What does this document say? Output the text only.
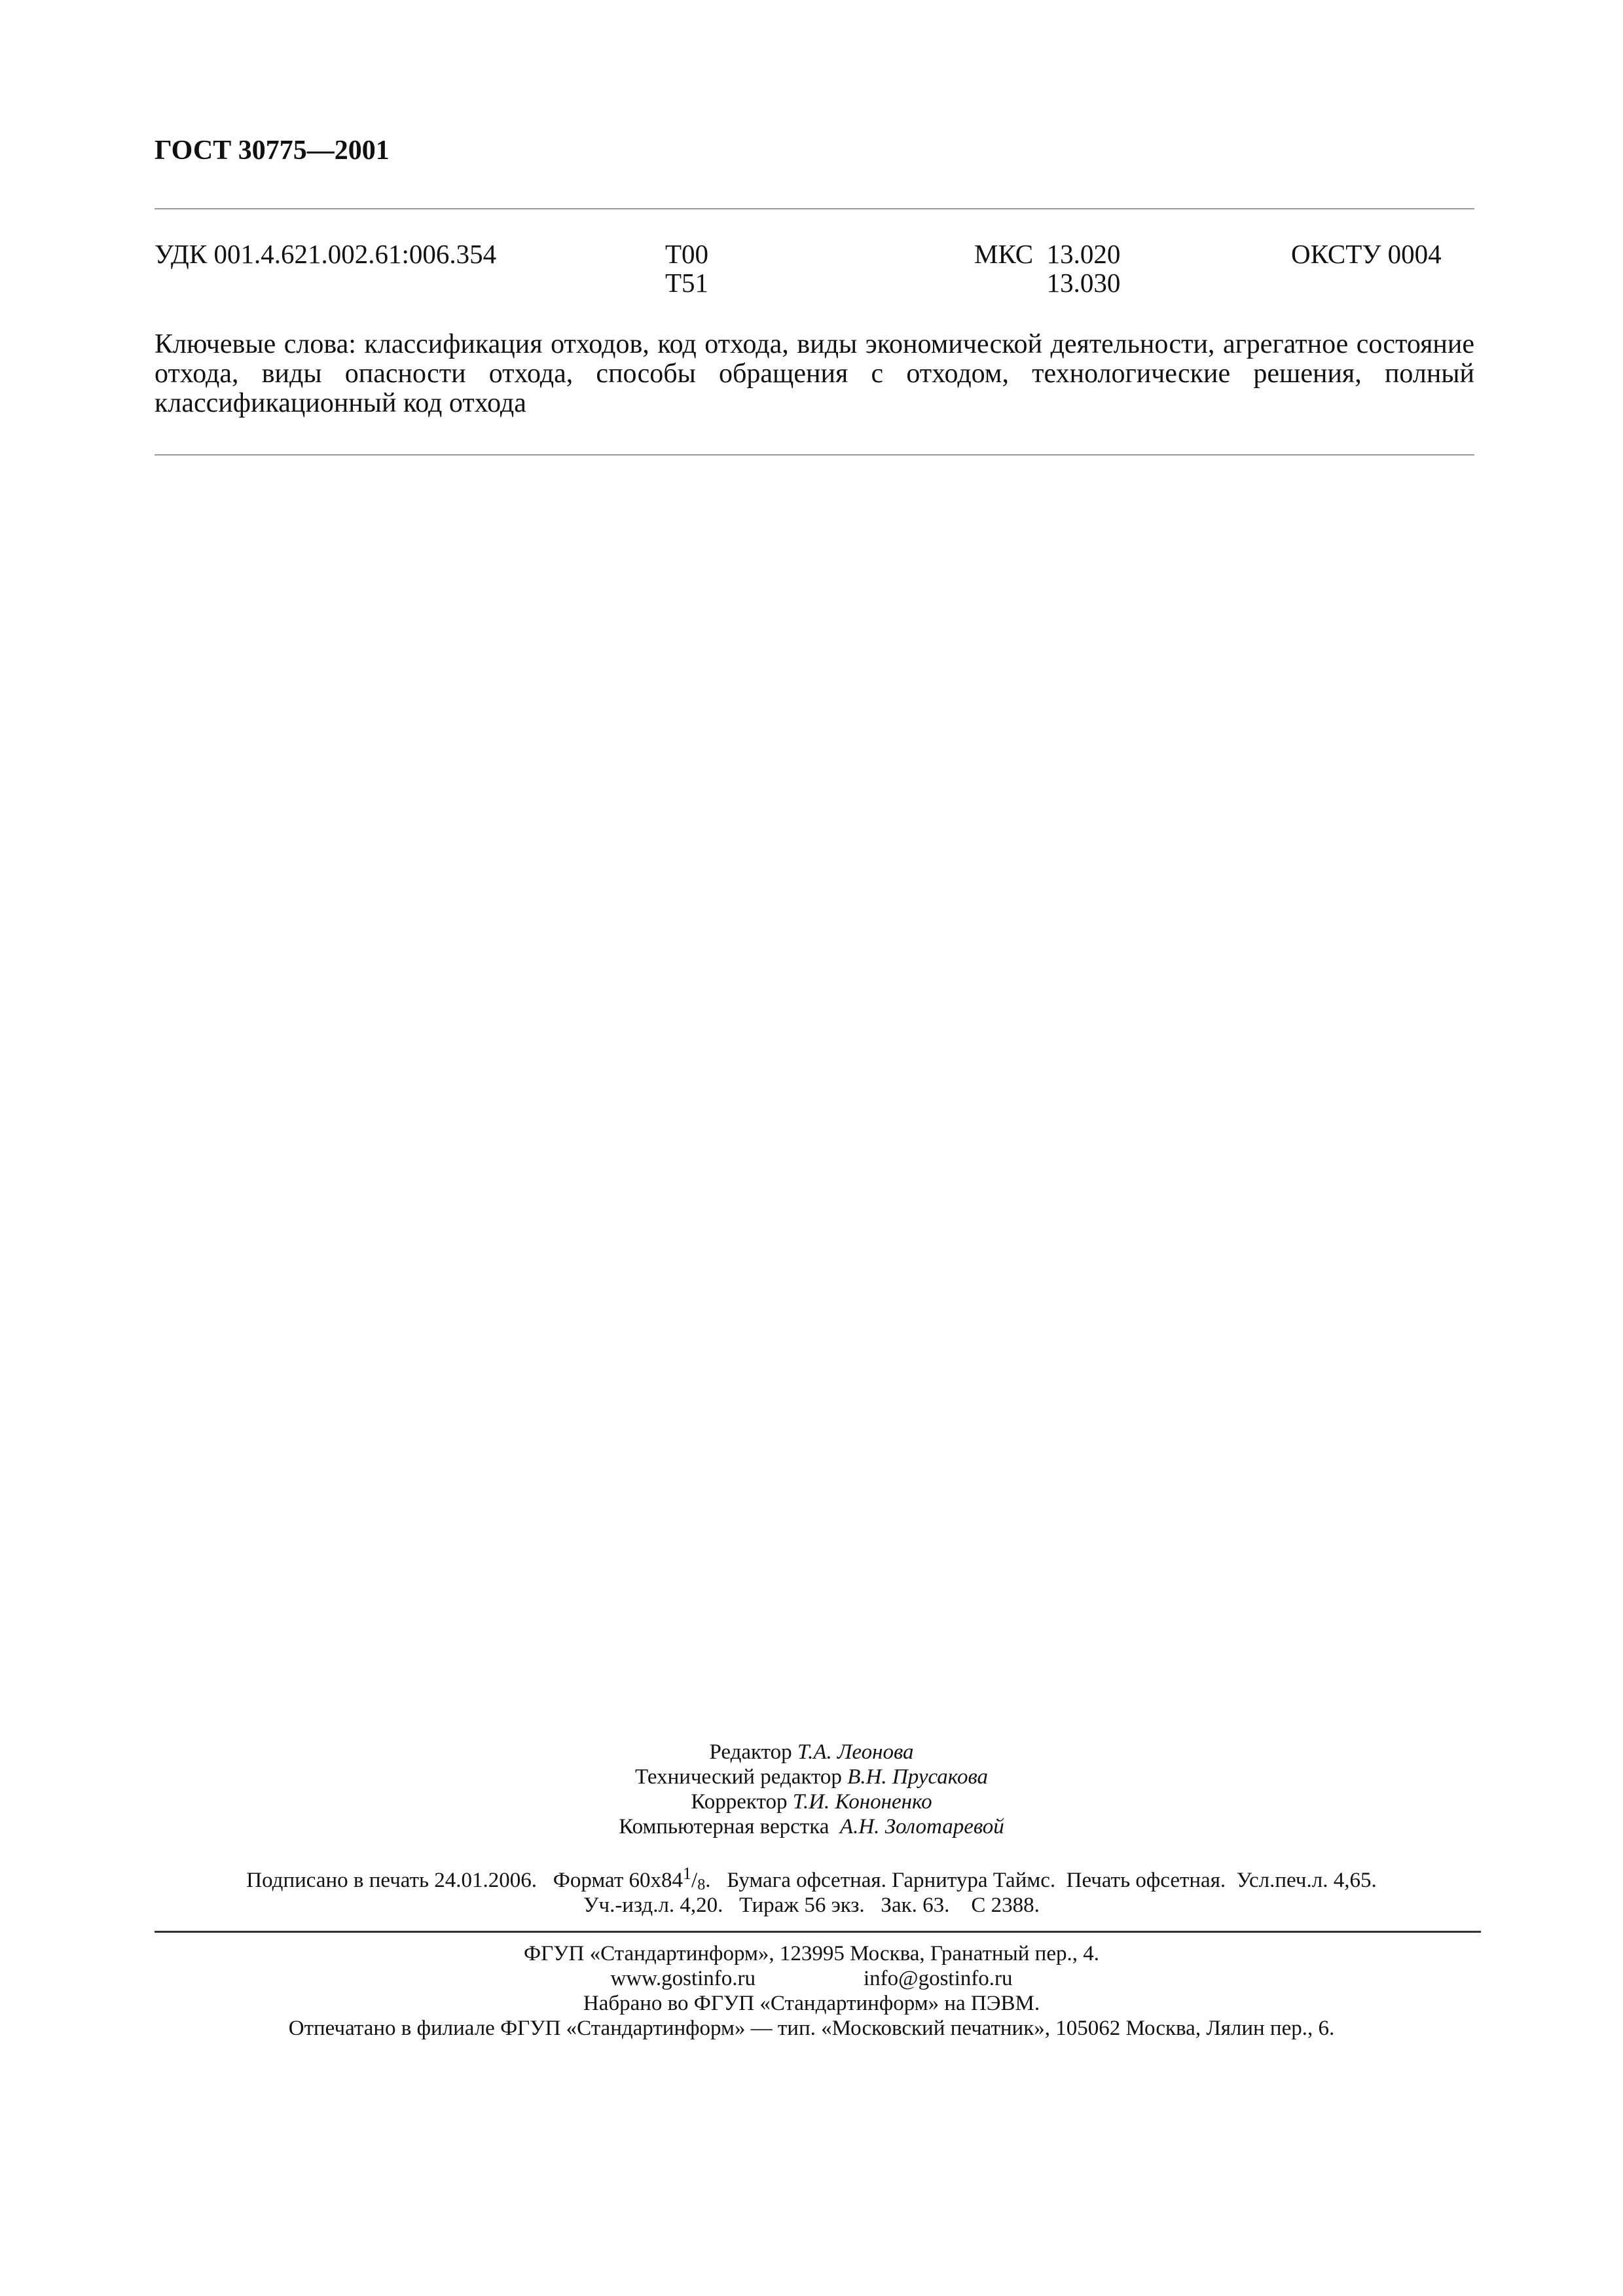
ГОСТ 30775—2001
УДК 001.4.621.002.61:006.354	Т00
Т51
МКС 13.020
13.030
ОКСТУ 0004
Ключевые слова: классификация отходов, код отхода, виды экономической деятельности, агрегатное состояние отхода, виды опасности отхода, способы обращения с отходом, технологические решения, полный классификационный код отхода
Редактор Т.А. Леонова
Технический редактор В.Н. Прусакова
Корректор Т.И. Кононенко
Компьютерная верстка А.Н. Золотаревой
Подписано в печать 24.01.2006.   Формат $60x84^1/_8$.   Бумага офсетная. Гарнитура Таймс.  Печать офсетная.  Усл.печ.л. 4,65.
Уч.-изд.л. 4,20.   Тираж 56 экз.   Зак. 63.    С 2388.
ФГУП «Стандартинформ», 123995 Москва, Гранатный пер., 4.
www.gostinfo.ru	info@gostinfo.ru
Набрано во ФГУП «Стандартинформ» на ПЭВМ.
Отпечатано в филиале ФГУП «Стандартинформ» — тип. «Московский печатник», 105062 Москва, Лялин пер., 6.
